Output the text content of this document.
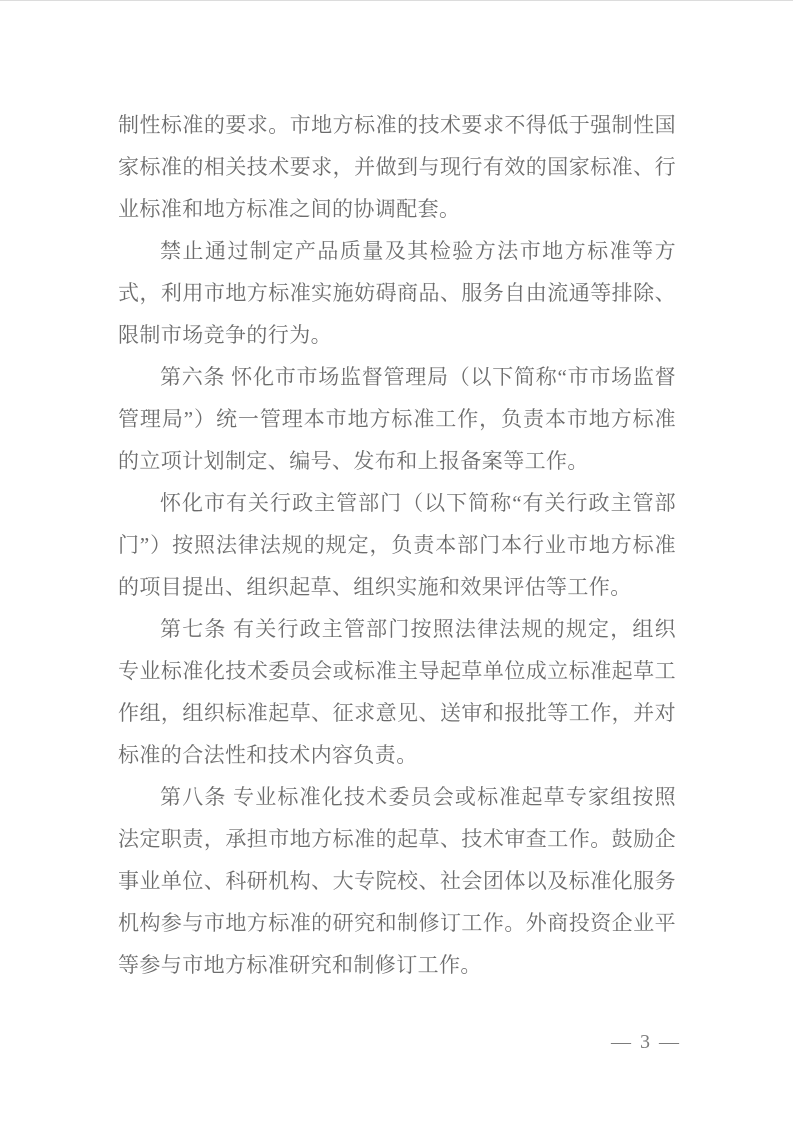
制性标准的要求。市地方标准的技术要求不得低于强制性国家标准的相关技术要求，并做到与现行有效的国家标准、行业标准和地方标准之间的协调配套。

禁止通过制定产品质量及其检验方法市地方标准等方式，利用市地方标准实施妨碍商品、服务自由流通等排除、限制市场竞争的行为。

第六条 怀化市市场监督管理局（以下简称“市市场监督管理局”）统一管理本市地方标准工作，负责本市地方标准的立项计划制定、编号、发布和上报备案等工作。

怀化市有关行政主管部门（以下简称“有关行政主管部门”）按照法律法规的规定，负责本部门本行业市地方标准的项目提出、组织起草、组织实施和效果评估等工作。

第七条 有关行政主管部门按照法律法规的规定，组织专业标准化技术委员会或标准主导起草单位成立标准起草工作组，组织标准起草、征求意见、送审和报批等工作，并对标准的合法性和技术内容负责。

第八条 专业标准化技术委员会或标准起草专家组按照法定职责，承担市地方标准的起草、技术审查工作。鼓励企事业单位、科研机构、大专院校、社会团体以及标准化服务机构参与市地方标准的研究和制修订工作。外商投资企业平等参与市地方标准研究和制修订工作。

— 3 —
